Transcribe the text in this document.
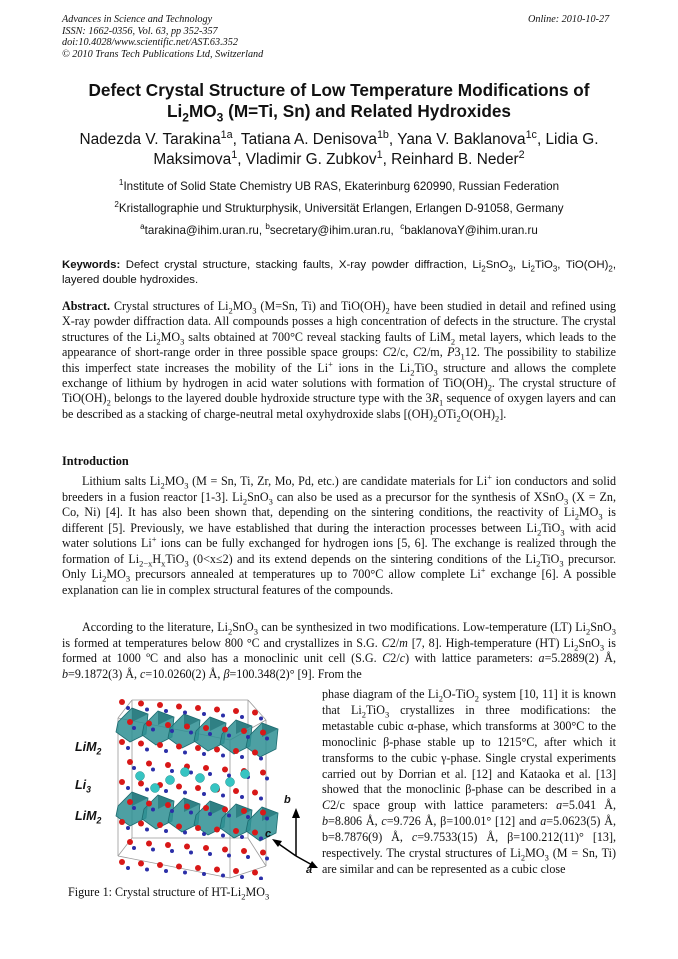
Advances in Science and Technology
ISSN: 1662-0356, Vol. 63, pp 352-357
doi:10.4028/www.scientific.net/AST.63.352
© 2010 Trans Tech Publications Ltd, Switzerland
Online: 2010-10-27
Defect Crystal Structure of Low Temperature Modifications of
$Li_2MO_3$ (M=Ti, Sn) and Related Hydroxides
Nadezda V. Tarakina$^{1a}$, Tatiana A. Denisova$^{1b}$, Yana V. Baklanova$^{1c}$, Lidia G. Maksimova$^1$, Vladimir G. Zubkov$^1$, Reinhard B. Neder$^2$
$^1$Institute of Solid State Chemistry UB RAS, Ekaterinburg 620990, Russian Federation
$^2$Kristallographie und Strukturphysik, Universität Erlangen, Erlangen D-91058, Germany
$^a$tarakina@ihim.uran.ru, $^b$secretary@ihim.uran.ru, $^c$baklanovaY@ihim.uran.ru
Keywords: Defect crystal structure, stacking faults, X-ray powder diffraction, $Li_2SnO_3$, $Li_2TiO_3$, $TiO(OH)_2$, layered double hydroxides.
Abstract. Crystal structures of $Li_2MO_3$ (M=Sn, Ti) and $TiO(OH)_2$ have been studied in detail and refined using X-ray powder diffraction data. All compounds posses a high concentration of defects in the structure. The crystal structures of the $Li_2MO_3$ salts obtained at 700°C reveal stacking faults of LiM$_2$ metal layers, which leads to the appearance of short-range order in three possible space groups: C2/c, C2/m, $P3_112$. The possibility to stabilize this imperfect state increases the mobility of the Li+ ions in the $Li_2TiO_3$ structure and allows the complete exchange of lithium by hydrogen in acid water solutions with formation of $TiO(OH)_2$. The crystal structure of $TiO(OH)_2$ belongs to the layered double hydroxide structure type with the $3R_1$ sequence of oxygen layers and can be described as a stacking of charge-neutral metal oxyhydroxide slabs $[(OH)_2OTi_2O(OH)_2]$.
Introduction
Lithium salts $Li_2MO_3$ (M = Sn, Ti, Zr, Mo, Pd, etc.) are candidate materials for Li+ ion conductors and solid breeders in a fusion reactor [1-3]. $Li_2SnO_3$ can also be used as a precursor for the synthesis of XSnO$_3$ (X = Zn, Co, Ni) [4]. It has also been shown that, depending on the sintering conditions, the reactivity of $Li_2MO_3$ is different [5]. Previously, we have established that during the interaction processes between $Li_2TiO_3$ with acid water solutions Li+ ions can be fully exchanged for hydrogen ions [5, 6]. The exchange is realized through the formation of $Li_{2-x}H_xTiO_3$ (0<x≤2) and its extend depends on the sintering conditions of the $Li_2TiO_3$ precursor. Only $Li_2MO_3$ precursors annealed at temperatures up to 700°C allow complete Li+ exchange [6]. A possible explanation can lie in complex structural features of the compounds.
According to the literature, $Li_2SnO_3$ can be synthesized in two modifications. Low-temperature (LT) $Li_2SnO_3$ is formed at temperatures below 800 °C and crystallizes in S.G. C2/m [7, 8]. High-temperature (HT) $Li_2SnO_3$ is formed at 1000 ºC and also has a monoclinic unit cell (S.G. C2/c) with lattice parameters: a=5.2889(2) Å, b=9.1872(3) Å, c=10.0260(2) Å, β=100.348(2)° [9]. From the
phase diagram of the $Li_2O-TiO_2$ system [10, 11] it is known that $Li_2TiO_3$ crystallizes in three modifications: the metastable cubic α-phase, which transforms at 300°C to the monoclinic β-phase stable up to 1215°C, after which it transforms to the cubic γ-phase. Single crystal experiments carried out by Dorrian et al. [12] and Kataoka et al. [13] showed that the monoclinic β-phase can be described in a C2/c space group with lattice parameters: a=5.041 Å, b=8.806 Å, c=9.726 Å, β=100.01° [12] and a=5.0623(5) Å, b=8.7876(9) Å, c=9.7533(15) Å, β=100.212(11)° [13], respectively. The crystal structures of $Li_2MO_3$ (M = Sn, Ti) are similar and can be represented as a cubic close
LiM$_2$
$Li_3$
LiM$_2$
b
c
a
Figure 1: Crystal structure of $HT-Li_2MO_3$
